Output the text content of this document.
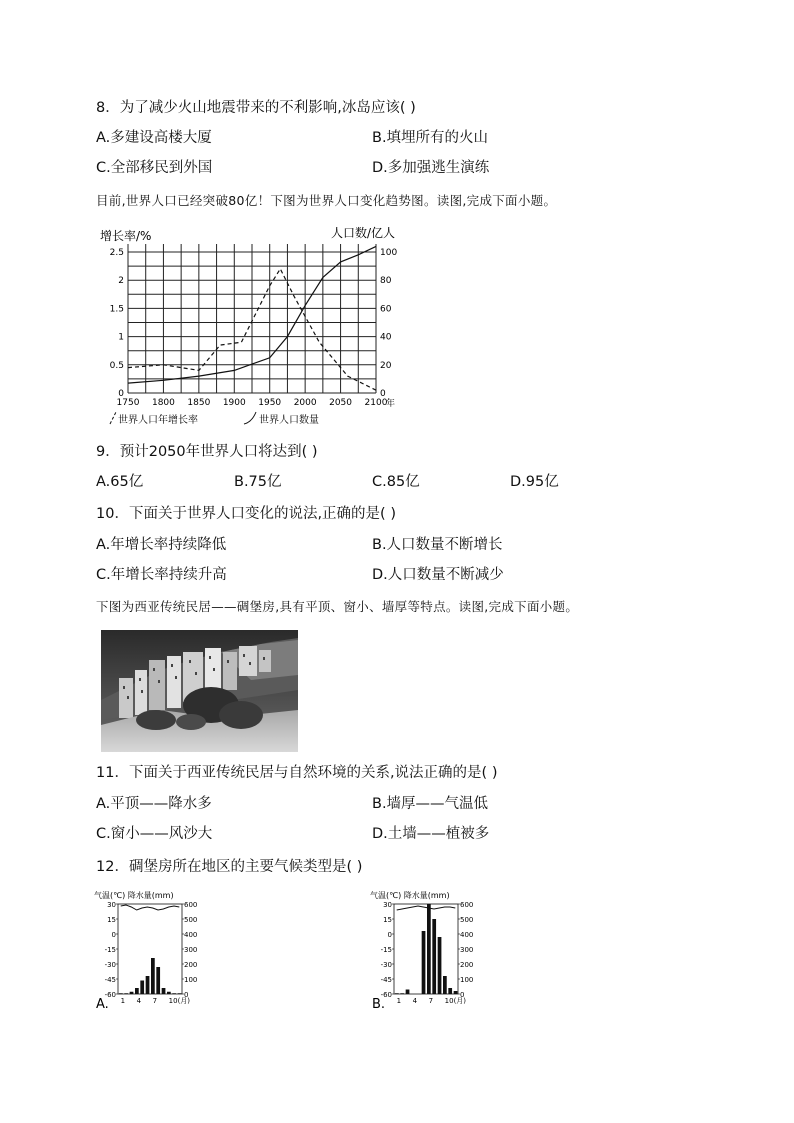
8．为了减少火山地震带来的不利影响,冰岛应该( )
A.多建设高楼大厦	B.填埋所有的火山
C.全部移民到外国	D.多加强逃生演练
目前,世界人口已经突破80亿！下图为世界人口变化趋势图。读图,完成下面小题。
增长率/%	人口数/亿人
0
0.5
1
1.5
2
2.5
0
20
40
60
80
100
1750 1800 1850 1900 1950 2000 2050 2100
年
世界人口年增长率	世界人口数量
9．预计2050年世界人口将达到( )
A.65亿	B.75亿	C.85亿	D.95亿
10．下面关于世界人口变化的说法,正确的是( )
A.年增长率持续降低	B.人口数量不断增长
C.年增长率持续升高	D.人口数量不断减少
下图为西亚传统民居——碉堡房,具有平顶、窗小、墙厚等特点。读图,完成下面小题。
11．下面关于西亚传统民居与自然环境的关系,说法正确的是( )
A.平顶——降水多	B.墙厚——气温低
C.窗小——风沙大	D.土墙——植被多
12．碉堡房所在地区的主要气候类型是( )
气温(℃) 降水量(mm)
30
15
0
-15
-30
-45
-60
600
500
400
300
200
100
0
1 4 7 10(月)
A.
气温(℃) 降水量(mm)
30
15
0
-15
-30
-45
-60
600
500
400
300
200
100
0
1 4 7 10(月)
B.
